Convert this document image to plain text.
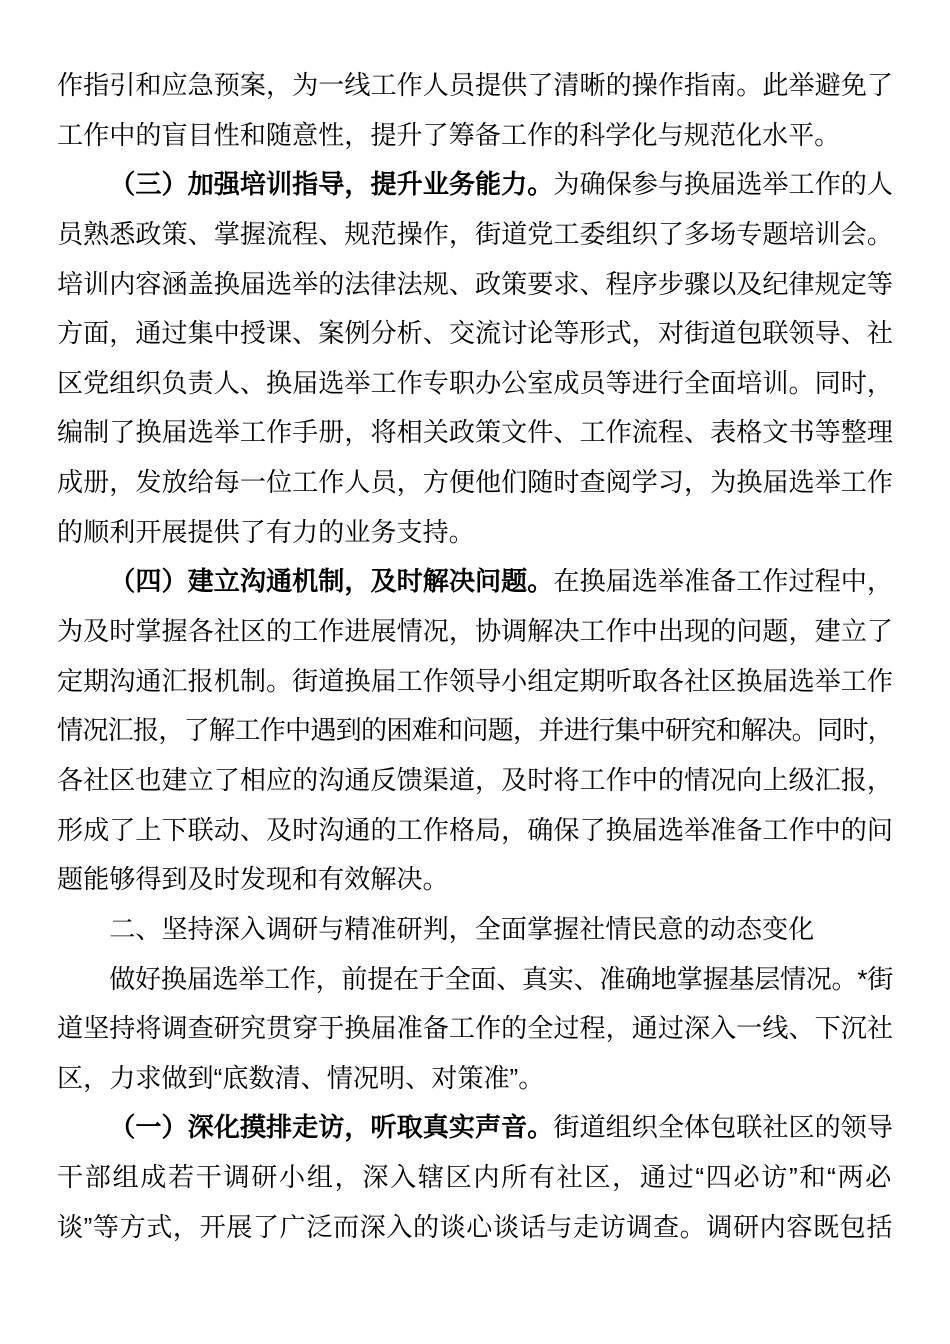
作指引和应急预案，为一线工作人员提供了清晰的操作指南。此举避免了
工作中的盲目性和随意性，提升了筹备工作的科学化与规范化水平。
（三）加强培训指导，提升业务能力。为确保参与换届选举工作的人
员熟悉政策、掌握流程、规范操作，街道党工委组织了多场专题培训会。
培训内容涵盖换届选举的法律法规、政策要求、程序步骤以及纪律规定等
方面，通过集中授课、案例分析、交流讨论等形式，对街道包联领导、社
区党组织负责人、换届选举工作专职办公室成员等进行全面培训。同时，
编制了换届选举工作手册，将相关政策文件、工作流程、表格文书等整理
成册，发放给每一位工作人员，方便他们随时查阅学习，为换届选举工作
的顺利开展提供了有力的业务支持。
（四）建立沟通机制，及时解决问题。在换届选举准备工作过程中，
为及时掌握各社区的工作进展情况，协调解决工作中出现的问题，建立了
定期沟通汇报机制。街道换届工作领导小组定期听取各社区换届选举工作
情况汇报，了解工作中遇到的困难和问题，并进行集中研究和解决。同时，
各社区也建立了相应的沟通反馈渠道，及时将工作中的情况向上级汇报，
形成了上下联动、及时沟通的工作格局，确保了换届选举准备工作中的问
题能够得到及时发现和有效解决。
二、坚持深入调研与精准研判，全面掌握社情民意的动态变化
做好换届选举工作，前提在于全面、真实、准确地掌握基层情况。*街
道坚持将调查研究贯穿于换届准备工作的全过程，通过深入一线、下沉社
区，力求做到“底数清、情况明、对策准”。
（一）深化摸排走访，听取真实声音。街道组织全体包联社区的领导
干部组成若干调研小组，深入辖区内所有社区，通过“四必访”和“两必
谈”等方式，开展了广泛而深入的谈心谈话与走访调查。调研内容既包括
